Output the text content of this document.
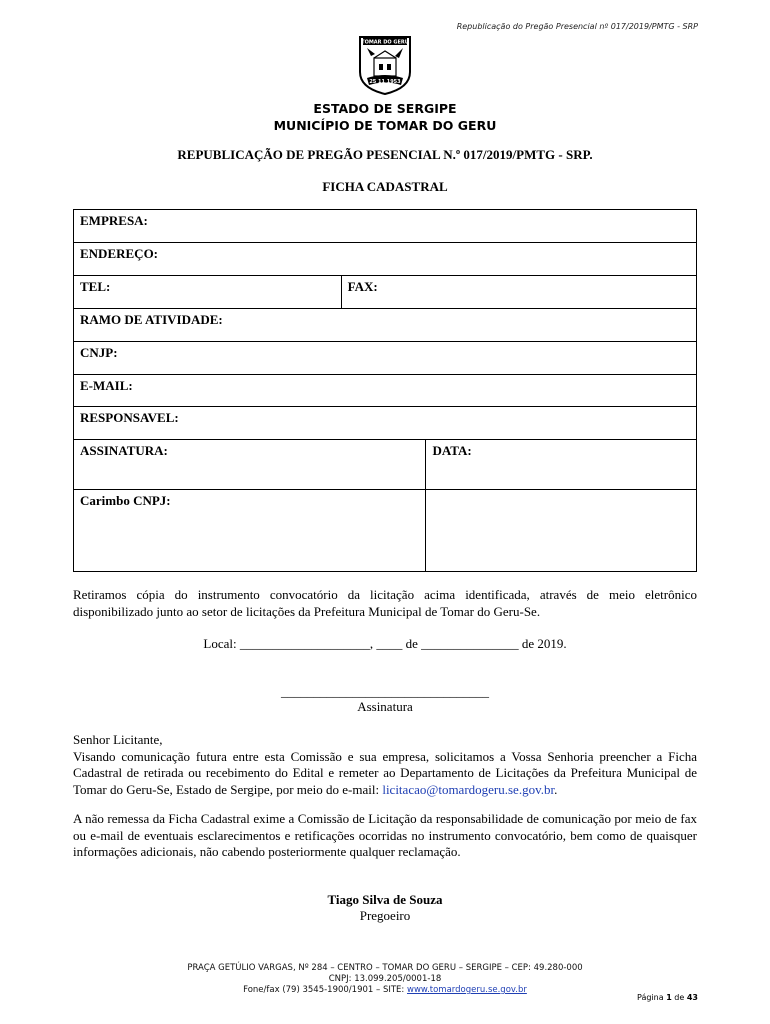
Republicação do Pregão Presencial nº 017/2019/PMTG - SRP
TOMAR DO GERU
25 11 1953
ESTADO DE SERGIPE
MUNICÍPIO DE TOMAR DO GERU
REPUBLICAÇÃO DE PREGÃO PESENCIAL N.º 017/2019/PMTG - SRP.
FICHA CADASTRAL
EMPRESA:		
ENDEREÇO:		
TEL:	FAX:	
RAMO DE ATIVIDADE:		
CNJP:		
E-MAIL:		
RESPONSAVEL:		
ASSINATURA:		DATA:
Carimbo CNPJ:		
Retiramos cópia do instrumento convocatório da licitação acima identificada, através de meio eletrônico disponibilizado junto ao setor de licitações da Prefeitura Municipal de Tomar do Geru-Se.
Local: ____________________, ____ de _______________ de 2019.
________________________________
Assinatura
Senhor Licitante,
Visando comunicação futura entre esta Comissão e sua empresa, solicitamos a Vossa Senhoria preencher a Ficha Cadastral de retirada ou recebimento do Edital e remeter ao Departamento de Licitações da Prefeitura Municipal de Tomar do Geru-Se, Estado de Sergipe, por meio do e-mail: licitacao@tomardogeru.se.gov.br.
A não remessa da Ficha Cadastral exime a Comissão de Licitação da responsabilidade de comunicação por meio de fax ou e-mail de eventuais esclarecimentos e retificações ocorridas no instrumento convocatório, bem como de quaisquer informações adicionais, não cabendo posteriormente qualquer reclamação.
Tiago Silva de Souza
Pregoeiro
PRAÇA GETÚLIO VARGAS, Nº 284 – CENTRO – TOMAR DO GERU – SERGIPE – CEP: 49.280-000
CNPJ: 13.099.205/0001-18
Fone/fax (79) 3545-1900/1901 – SITE: www.tomardogeru.se.gov.br
Página 1 de 43
